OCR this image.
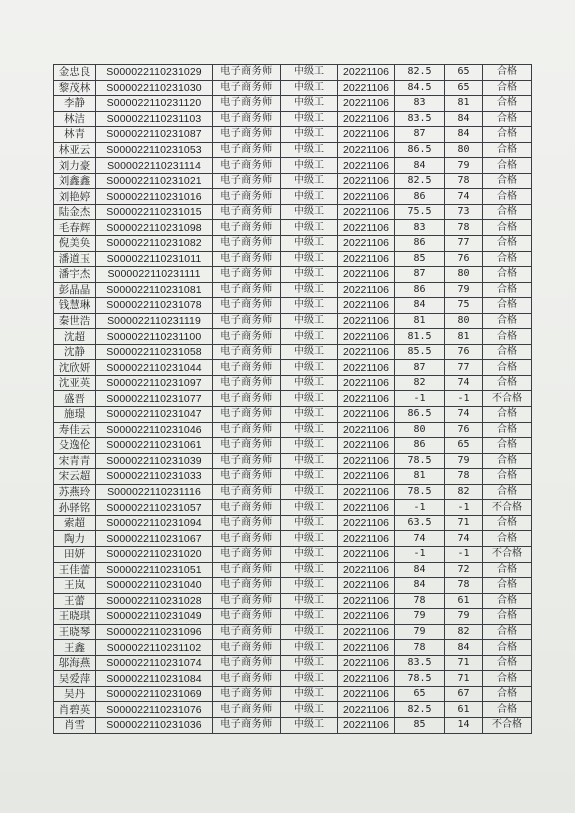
金忠良	S000022110231029	电子商务师	中级工	20221106	82.5	65	合格
黎茂林	S000022110231030	电子商务师	中级工	20221106	84.5	65	合格
李静	S000022110231120	电子商务师	中级工	20221106	83	81	合格
林洁	S000022110231103	电子商务师	中级工	20221106	83.5	84	合格
林青	S000022110231087	电子商务师	中级工	20221106	87	84	合格
林亚云	S000022110231053	电子商务师	中级工	20221106	86.5	80	合格
刘力豪	S000022110231114	电子商务师	中级工	20221106	84	79	合格
刘鑫鑫	S000022110231021	电子商务师	中级工	20221106	82.5	78	合格
刘艳婷	S000022110231016	电子商务师	中级工	20221106	86	74	合格
陆金杰	S000022110231015	电子商务师	中级工	20221106	75.5	73	合格
毛春辉	S000022110231098	电子商务师	中级工	20221106	83	78	合格
倪美奂	S000022110231082	电子商务师	中级工	20221106	86	77	合格
潘道玉	S000022110231011	电子商务师	中级工	20221106	85	76	合格
潘宇杰	S000022110231111	电子商务师	中级工	20221106	87	80	合格
彭晶晶	S000022110231081	电子商务师	中级工	20221106	86	79	合格
钱慧琳	S000022110231078	电子商务师	中级工	20221106	84	75	合格
秦世浩	S000022110231119	电子商务师	中级工	20221106	81	80	合格
沈超	S000022110231100	电子商务师	中级工	20221106	81.5	81	合格
沈静	S000022110231058	电子商务师	中级工	20221106	85.5	76	合格
沈欣妍	S000022110231044	电子商务师	中级工	20221106	87	77	合格
沈亚英	S000022110231097	电子商务师	中级工	20221106	82	74	合格
盛晋	S000022110231077	电子商务师	中级工	20221106	-1	-1	不合格
施璟	S000022110231047	电子商务师	中级工	20221106	86.5	74	合格
寿佳云	S000022110231046	电子商务师	中级工	20221106	80	76	合格
殳逸伦	S000022110231061	电子商务师	中级工	20221106	86	65	合格
宋青青	S000022110231039	电子商务师	中级工	20221106	78.5	79	合格
宋云超	S000022110231033	电子商务师	中级工	20221106	81	78	合格
苏燕玲	S000022110231116	电子商务师	中级工	20221106	78.5	82	合格
孙驿铭	S000022110231057	电子商务师	中级工	20221106	-1	-1	不合格
索超	S000022110231094	电子商务师	中级工	20221106	63.5	71	合格
陶力	S000022110231067	电子商务师	中级工	20221106	74	74	合格
田妍	S000022110231020	电子商务师	中级工	20221106	-1	-1	不合格
王佳蕾	S000022110231051	电子商务师	中级工	20221106	84	72	合格
王岚	S000022110231040	电子商务师	中级工	20221106	84	78	合格
王蕾	S000022110231028	电子商务师	中级工	20221106	78	61	合格
王晓琪	S000022110231049	电子商务师	中级工	20221106	79	79	合格
王晓琴	S000022110231096	电子商务师	中级工	20221106	79	82	合格
王鑫	S000022110231102	电子商务师	中级工	20221106	78	84	合格
邬海燕	S000022110231074	电子商务师	中级工	20221106	83.5	71	合格
吴爱萍	S000022110231084	电子商务师	中级工	20221106	78.5	71	合格
吴丹	S000022110231069	电子商务师	中级工	20221106	65	67	合格
肖碧英	S000022110231076	电子商务师	中级工	20221106	82.5	61	合格
肖雪	S000022110231036	电子商务师	中级工	20221106	85	14	不合格
